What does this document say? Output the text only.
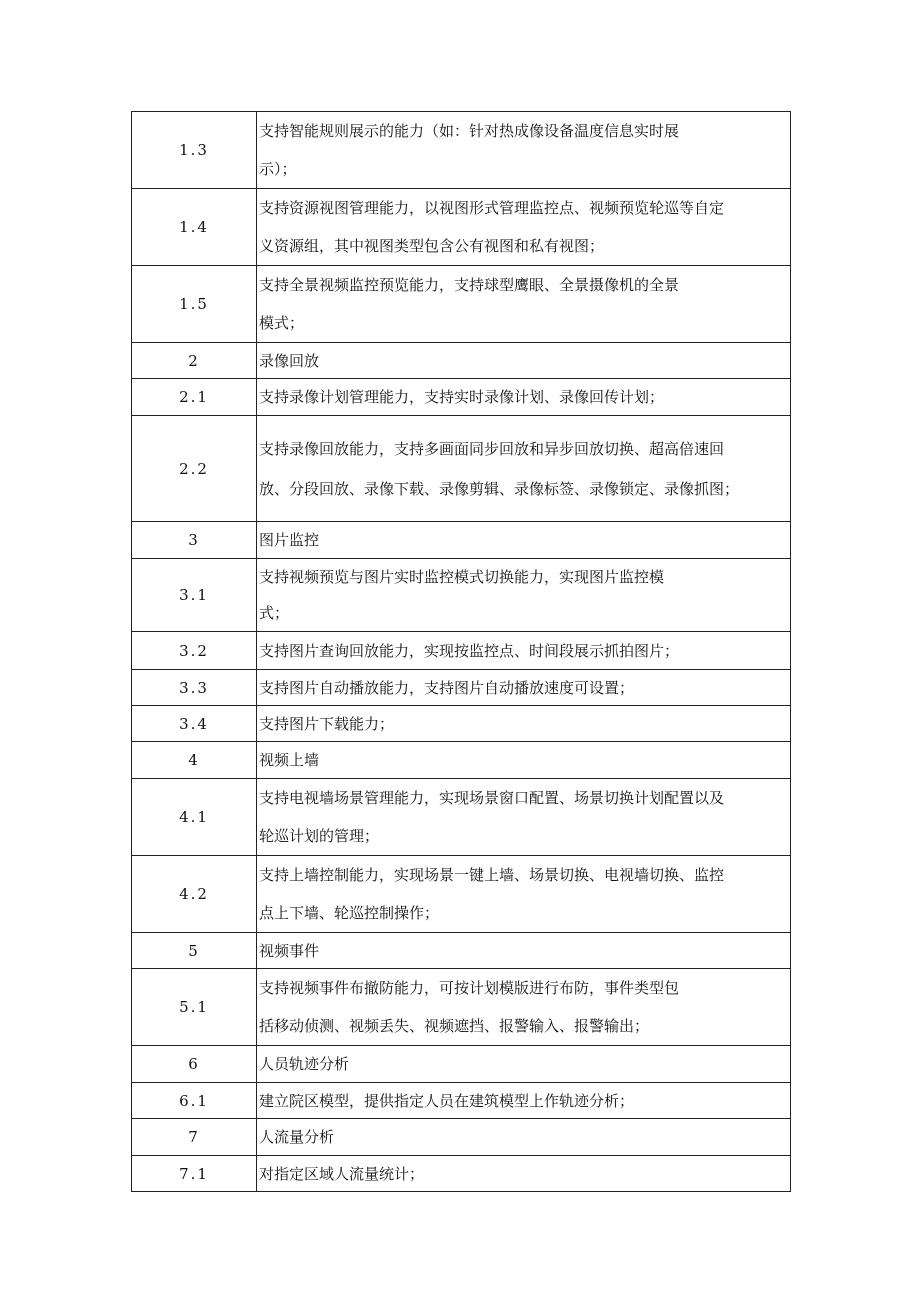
1.3	支持智能规则展示的能力（如：针对热成像设备温度信息实时展
示）；

1.4	支持资源视图管理能力，以视图形式管理监控点、视频预览轮巡等自定
义资源组，其中视图类型包含公有视图和私有视图；

1.5	支持全景视频监控预览能力，支持球型鹰眼、全景摄像机的全景
模式；

2	录像回放

2.1	支持录像计划管理能力，支持实时录像计划、录像回传计划；

2.2	支持录像回放能力，支持多画面同步回放和异步回放切换、超高倍速回
放、分段回放、录像下载、录像剪辑、录像标签、录像锁定、录像抓图；

3	图片监控

3.1	支持视频预览与图片实时监控模式切换能力，实现图片监控模
式；

3.2	支持图片查询回放能力，实现按监控点、时间段展示抓拍图片；

3.3	支持图片自动播放能力，支持图片自动播放速度可设置；

3.4	支持图片下载能力；

4	视频上墙

4.1	支持电视墙场景管理能力，实现场景窗口配置、场景切换计划配置以及
轮巡计划的管理；

4.2	支持上墙控制能力，实现场景一键上墙、场景切换、电视墙切换、监控
点上下墙、轮巡控制操作；

5	视频事件

5.1	支持视频事件布撤防能力，可按计划模版进行布防，事件类型包
括移动侦测、视频丢失、视频遮挡、报警输入、报警输出；

6	人员轨迹分析

6.1	建立院区模型，提供指定人员在建筑模型上作轨迹分析；

7	人流量分析

7.1	对指定区域人流量统计；
